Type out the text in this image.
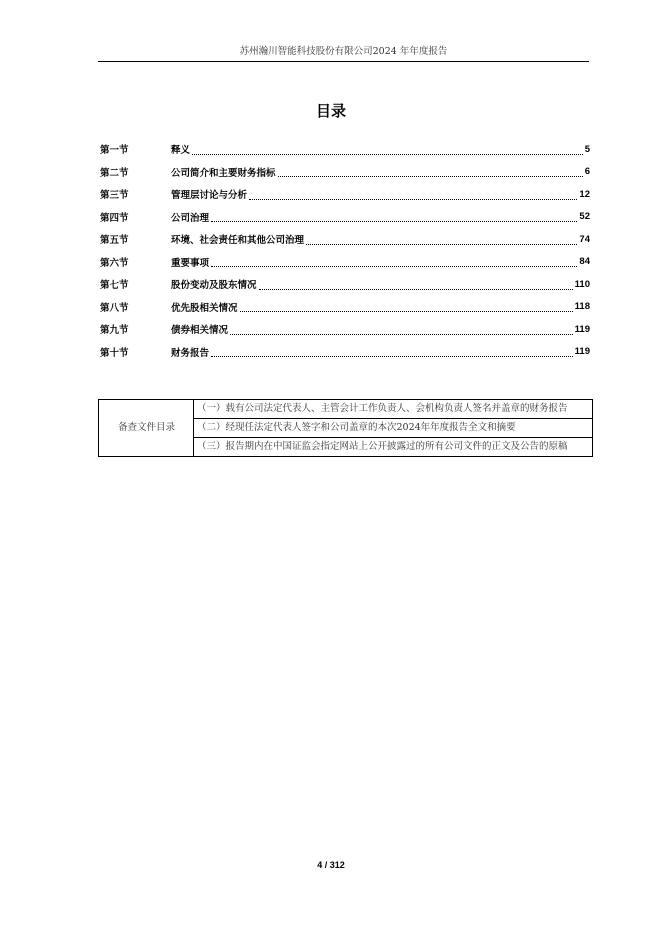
苏州瀚川智能科技股份有限公司2024 年年度报告
目录
第一节	释义	5
第二节	公司简介和主要财务指标	6
第三节	管理层讨论与分析	12
第四节	公司治理	52
第五节	环境、社会责任和其他公司治理	74
第六节	重要事项	84
第七节	股份变动及股东情况	110
第八节	优先股相关情况	118
第九节	债券相关情况	119
第十节	财务报告	119
备查文件目录	（一）载有公司法定代表人、主管会计工作负责人、会机构负责人签名并盖章的财务报告
（二）经现任法定代表人签字和公司盖章的本次2024年年度报告全文和摘要
（三）报告期内在中国证监会指定网站上公开披露过的所有公司文件的正文及公告的原稿
4 / 312
